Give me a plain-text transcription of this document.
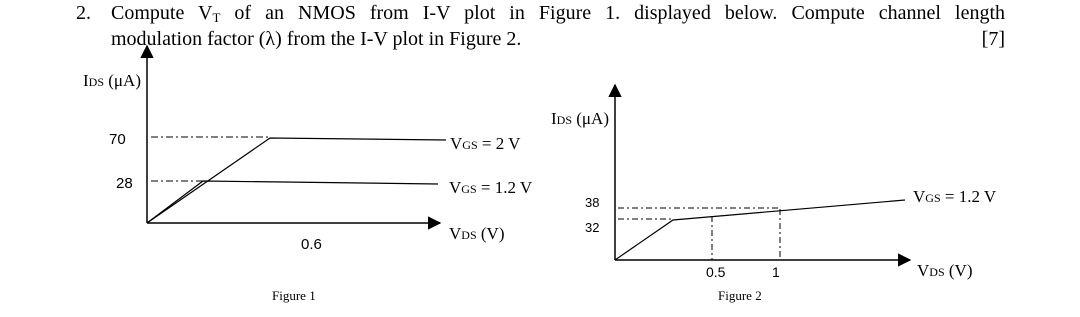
2. Compute $V_T$ of an NMOS from I-V plot in Figure 1. displayed below. Compute channel length
modulation factor (λ) from the I-V plot in Figure 2.	[7]
IDS (μA)
70
28
0.6
VGS = 2 V
VGS = 1.2 V
VDS (V)
Figure 1
IDS (μA)
38
32
0.5	1
VGS = 1.2 V
VDS (V)
Figure 2
